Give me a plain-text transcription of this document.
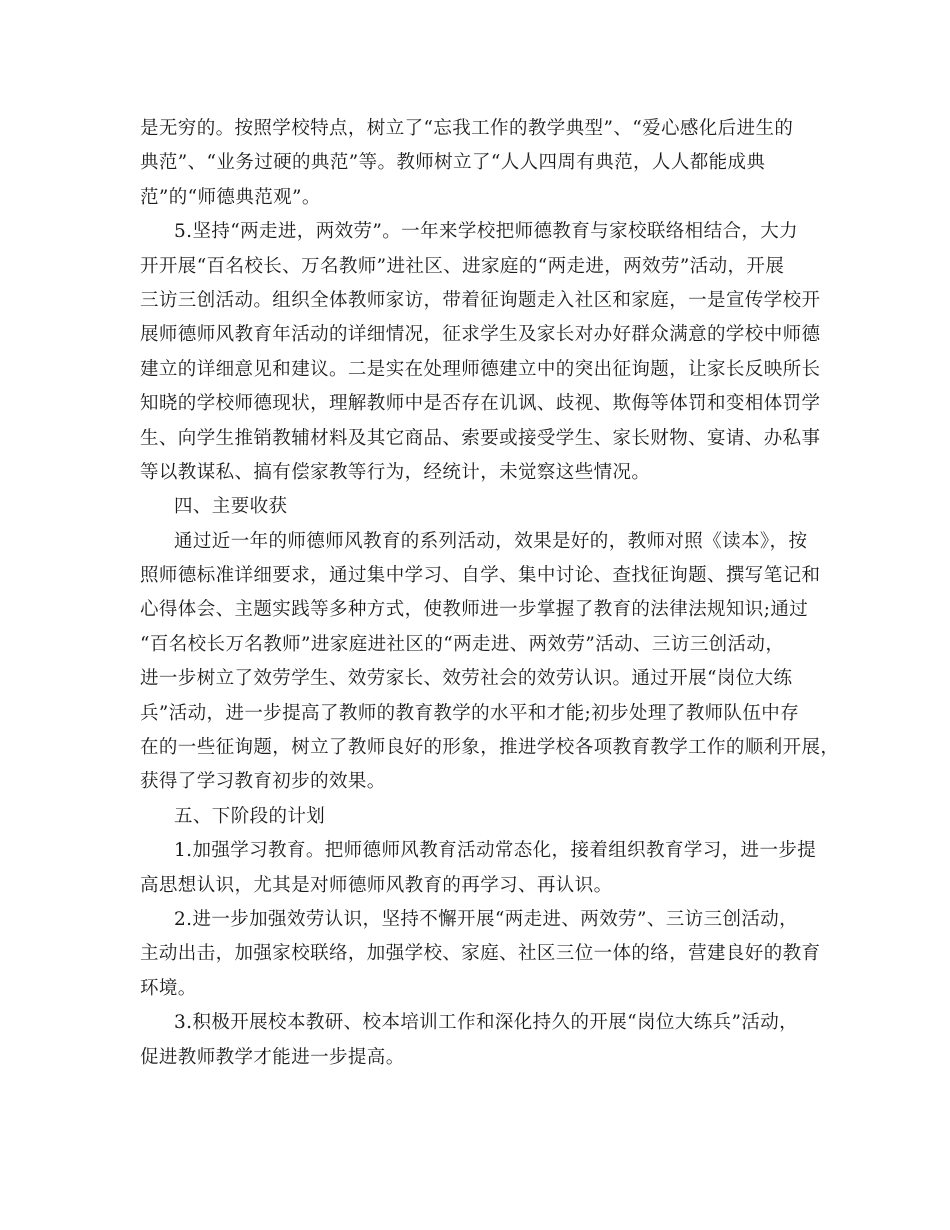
是无穷的。按照学校特点，树立了“忘我工作的教学典型”、“爱心感化后进生的
典范”、“业务过硬的典范”等。教师树立了“人人四周有典范，人人都能成典
范”的“师德典范观”。
5.坚持“两走进，两效劳”。一年来学校把师德教育与家校联络相结合，大力
开开展“百名校长、万名教师”进社区、进家庭的“两走进，两效劳”活动，开展
三访三创活动。组织全体教师家访，带着征询题走入社区和家庭，一是宣传学校开
展师德师风教育年活动的详细情况，征求学生及家长对办好群众满意的学校中师德
建立的详细意见和建议。二是实在处理师德建立中的突出征询题，让家长反映所长
知晓的学校师德现状，理解教师中是否存在讥讽、歧视、欺侮等体罚和变相体罚学
生、向学生推销教辅材料及其它商品、索要或接受学生、家长财物、宴请、办私事
等以教谋私、搞有偿家教等行为，经统计，未觉察这些情况。
四、主要收获
通过近一年的师德师风教育的系列活动，效果是好的，教师对照《读本》，按
照师德标准详细要求，通过集中学习、自学、集中讨论、查找征询题、撰写笔记和
心得体会、主题实践等多种方式，使教师进一步掌握了教育的法律法规知识;通过
“百名校长万名教师”进家庭进社区的“两走进、两效劳”活动、三访三创活动，
进一步树立了效劳学生、效劳家长、效劳社会的效劳认识。通过开展“岗位大练
兵”活动，进一步提高了教师的教育教学的水平和才能;初步处理了教师队伍中存
在的一些征询题，树立了教师良好的形象，推进学校各项教育教学工作的顺利开展，
获得了学习教育初步的效果。
五、下阶段的计划
1.加强学习教育。把师德师风教育活动常态化，接着组织教育学习，进一步提
高思想认识，尤其是对师德师风教育的再学习、再认识。
2.进一步加强效劳认识，坚持不懈开展“两走进、两效劳”、三访三创活动，
主动出击，加强家校联络，加强学校、家庭、社区三位一体的络，营建良好的教育
环境。
3.积极开展校本教研、校本培训工作和深化持久的开展“岗位大练兵”活动，
促进教师教学才能进一步提高。
